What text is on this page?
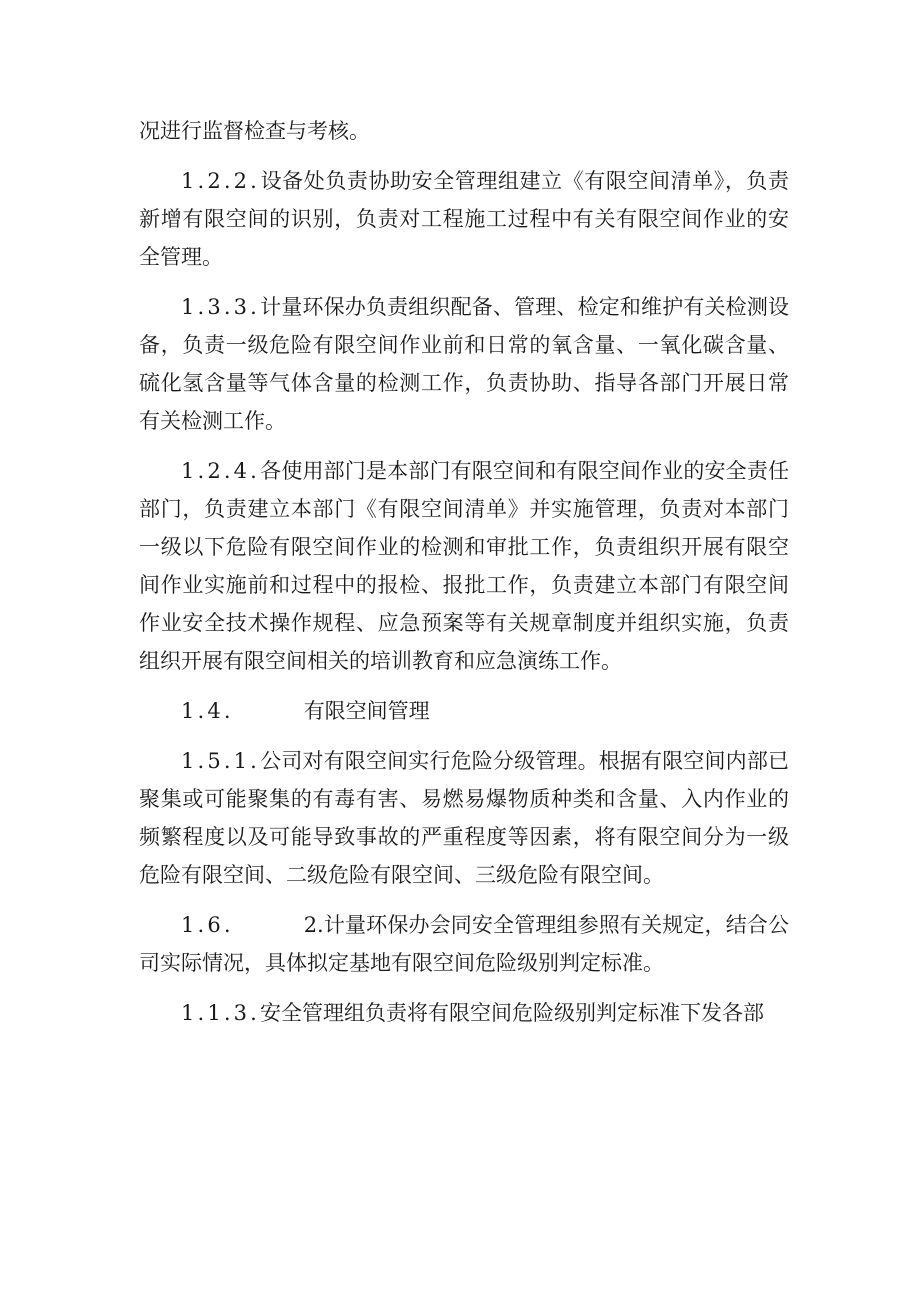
况进行监督检查与考核。

1.2.2.设备处负责协助安全管理组建立《有限空间清单》，负责新增有限空间的识别，负责对工程施工过程中有关有限空间作业的安全管理。

1.3.3.计量环保办负责组织配备、管理、检定和维护有关检测设备，负责一级危险有限空间作业前和日常的氧含量、一氧化碳含量、硫化氢含量等气体含量的检测工作，负责协助、指导各部门开展日常有关检测工作。

1.2.4.各使用部门是本部门有限空间和有限空间作业的安全责任部门，负责建立本部门《有限空间清单》并实施管理，负责对本部门一级以下危险有限空间作业的检测和审批工作，负责组织开展有限空间作业实施前和过程中的报检、报批工作，负责建立本部门有限空间作业安全技术操作规程、应急预案等有关规章制度并组织实施，负责组织开展有限空间相关的培训教育和应急演练工作。

1.4.	有限空间管理

1.5.1.公司对有限空间实行危险分级管理。根据有限空间内部已聚集或可能聚集的有毒有害、易燃易爆物质种类和含量、入内作业的频繁程度以及可能导致事故的严重程度等因素，将有限空间分为一级危险有限空间、二级危险有限空间、三级危险有限空间。

1.6.	2.计量环保办会同安全管理组参照有关规定，结合公司实际情况，具体拟定基地有限空间危险级别判定标准。

1.1.3.安全管理组负责将有限空间危险级别判定标准下发各部
